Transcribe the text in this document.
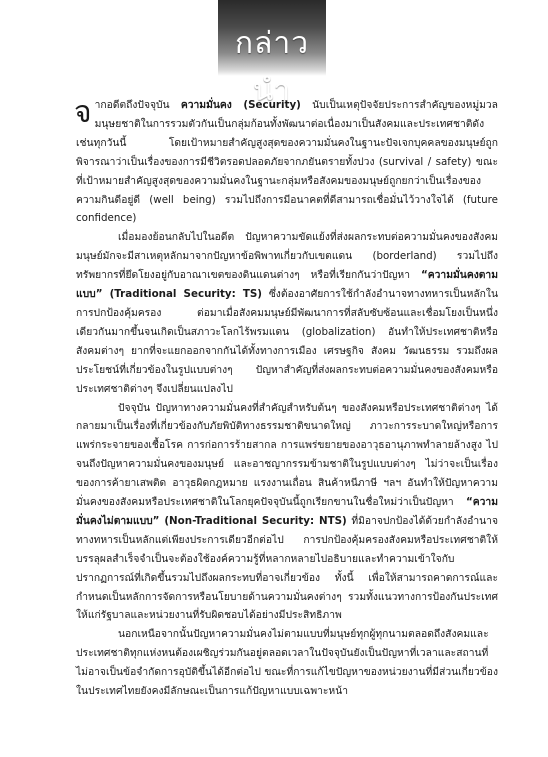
กล่าวนำ

จากอดีตถึงปัจจุบัน ความมั่นคง (Security) นับเป็นเหตุปัจจัยประการสำคัญของหมู่มวลมนุษยชาติในการรวมตัวกันเป็นกลุ่มก้อนทั้งพัฒนาต่อเนื่องมาเป็นสังคมและประเทศชาติดังเช่นทุกวันนี้ โดยเป้าหมายสำคัญสูงสุดของความมั่นคงในฐานะปัจเจกบุคคลของมนุษย์ถูกพิจารณาว่าเป็นเรื่องของการมีชีวิตรอดปลอดภัยจากภยันตรายทั้งปวง (survival / safety) ขณะที่เป้าหมายสำคัญสูงสุดของความมั่นคงในฐานะกลุ่มหรือสังคมของมนุษย์ถูกยกว่าเป็นเรื่องของความกินดีอยู่ดี (well being) รวมไปถึงการมีอนาคตที่ดีสามารถเชื่อมั่นไว้วางใจได้ (future confidence)

เมื่อมองย้อนกลับไปในอดีต ปัญหาความขัดแย้งที่ส่งผลกระทบต่อความมั่นคงของสังคมมนุษย์มักจะมีสาเหตุหลักมาจากปัญหาข้อพิพาทเกี่ยวกับเขตแดน (borderland) รวมไปถึงทรัพยากรที่ยึดโยงอยู่กับอาณาเขตของดินแดนต่างๆ หรือที่เรียกกันว่าปัญหา “ความมั่นคงตามแบบ” (Traditional Security: TS) ซึ่งต้องอาศัยการใช้กำลังอำนาจทางทหารเป็นหลักในการปกป้องคุ้มครอง ต่อมาเมื่อสังคมมนุษย์มีพัฒนาการที่สลับซับซ้อนและเชื่อมโยงเป็นหนึ่งเดียวกันมากขึ้นจนเกิดเป็นสภาวะโลกไร้พรมแดน (globalization) อันทำให้ประเทศชาติหรือสังคมต่างๆ ยากที่จะแยกออกจากกันได้ทั้งทางการเมือง เศรษฐกิจ สังคม วัฒนธรรม รวมถึงผลประโยชน์ที่เกี่ยวข้องในรูปแบบต่างๆ ปัญหาสำคัญที่ส่งผลกระทบต่อความมั่นคงของสังคมหรือประเทศชาติต่างๆ จึงเปลี่ยนแปลงไป

ปัจจุบัน ปัญหาทางความมั่นคงที่สำคัญสำหรับต้นๆ ของสังคมหรือประเทศชาติต่างๆ ได้กลายมาเป็นเรื่องที่เกี่ยวข้องกับภัยพิบัติทางธรรมชาติขนาดใหญ่ ภาวะการระบาดใหญ่หรือการแพร่กระจายของเชื้อโรค การก่อการร้ายสากล การแพร่ขยายของอาวุธอานุภาพทำลายล้างสูง ไปจนถึงปัญหาความมั่นคงของมนุษย์ และอาชญากรรมข้ามชาติในรูปแบบต่างๆ ไม่ว่าจะเป็นเรื่องของการค้ายาเสพติด อาวุธผิดกฎหมาย แรงงานเถื่อน สินค้าหนีภาษี ฯลฯ อันทำให้ปัญหาความมั่นคงของสังคมหรือประเทศชาติในโลกยุคปัจจุบันนี้ถูกเรียกขานในชื่อใหม่ว่าเป็นปัญหา “ความมั่นคงไม่ตามแบบ” (Non-Traditional Security: NTS) ที่มิอาจปกป้องได้ด้วยกำลังอำนาจทางทหารเป็นหลักแต่เพียงประการเดียวอีกต่อไป การปกป้องคุ้มครองสังคมหรือประเทศชาติให้บรรลุผลสำเร็จจำเป็นจะต้องใช้องค์ความรู้ที่หลากหลายไปอธิบายและทำความเข้าใจกับปรากฏการณ์ที่เกิดขึ้นรวมไปถึงผลกระทบที่อาจเกี่ยวข้อง ทั้งนี้ เพื่อให้สามารถคาดการณ์และกำหนดเป็นหลักการจัดการหรือนโยบายด้านความมั่นคงต่างๆ รวมทั้งแนวทางการป้องกันประเทศให้แก่รัฐบาลและหน่วยงานที่รับผิดชอบได้อย่างมีประสิทธิภาพ

นอกเหนือจากนั้นปัญหาความมั่นคงไม่ตามแบบที่มนุษย์ทุกผู้ทุกนามตลอดถึงสังคมและประเทศชาติทุกแห่งหนต้องเผชิญร่วมกันอยู่ตลอดเวลาในปัจจุบันยังเป็นปัญหาที่เวลาและสถานที่ไม่อาจเป็นข้อจำกัดการอุบัติขึ้นได้อีกต่อไป ขณะที่การแก้ไขปัญหาของหน่วยงานที่มีส่วนเกี่ยวข้องในประเทศไทยยังคงมีลักษณะเป็นการแก้ปัญหาแบบเฉพาะหน้า
